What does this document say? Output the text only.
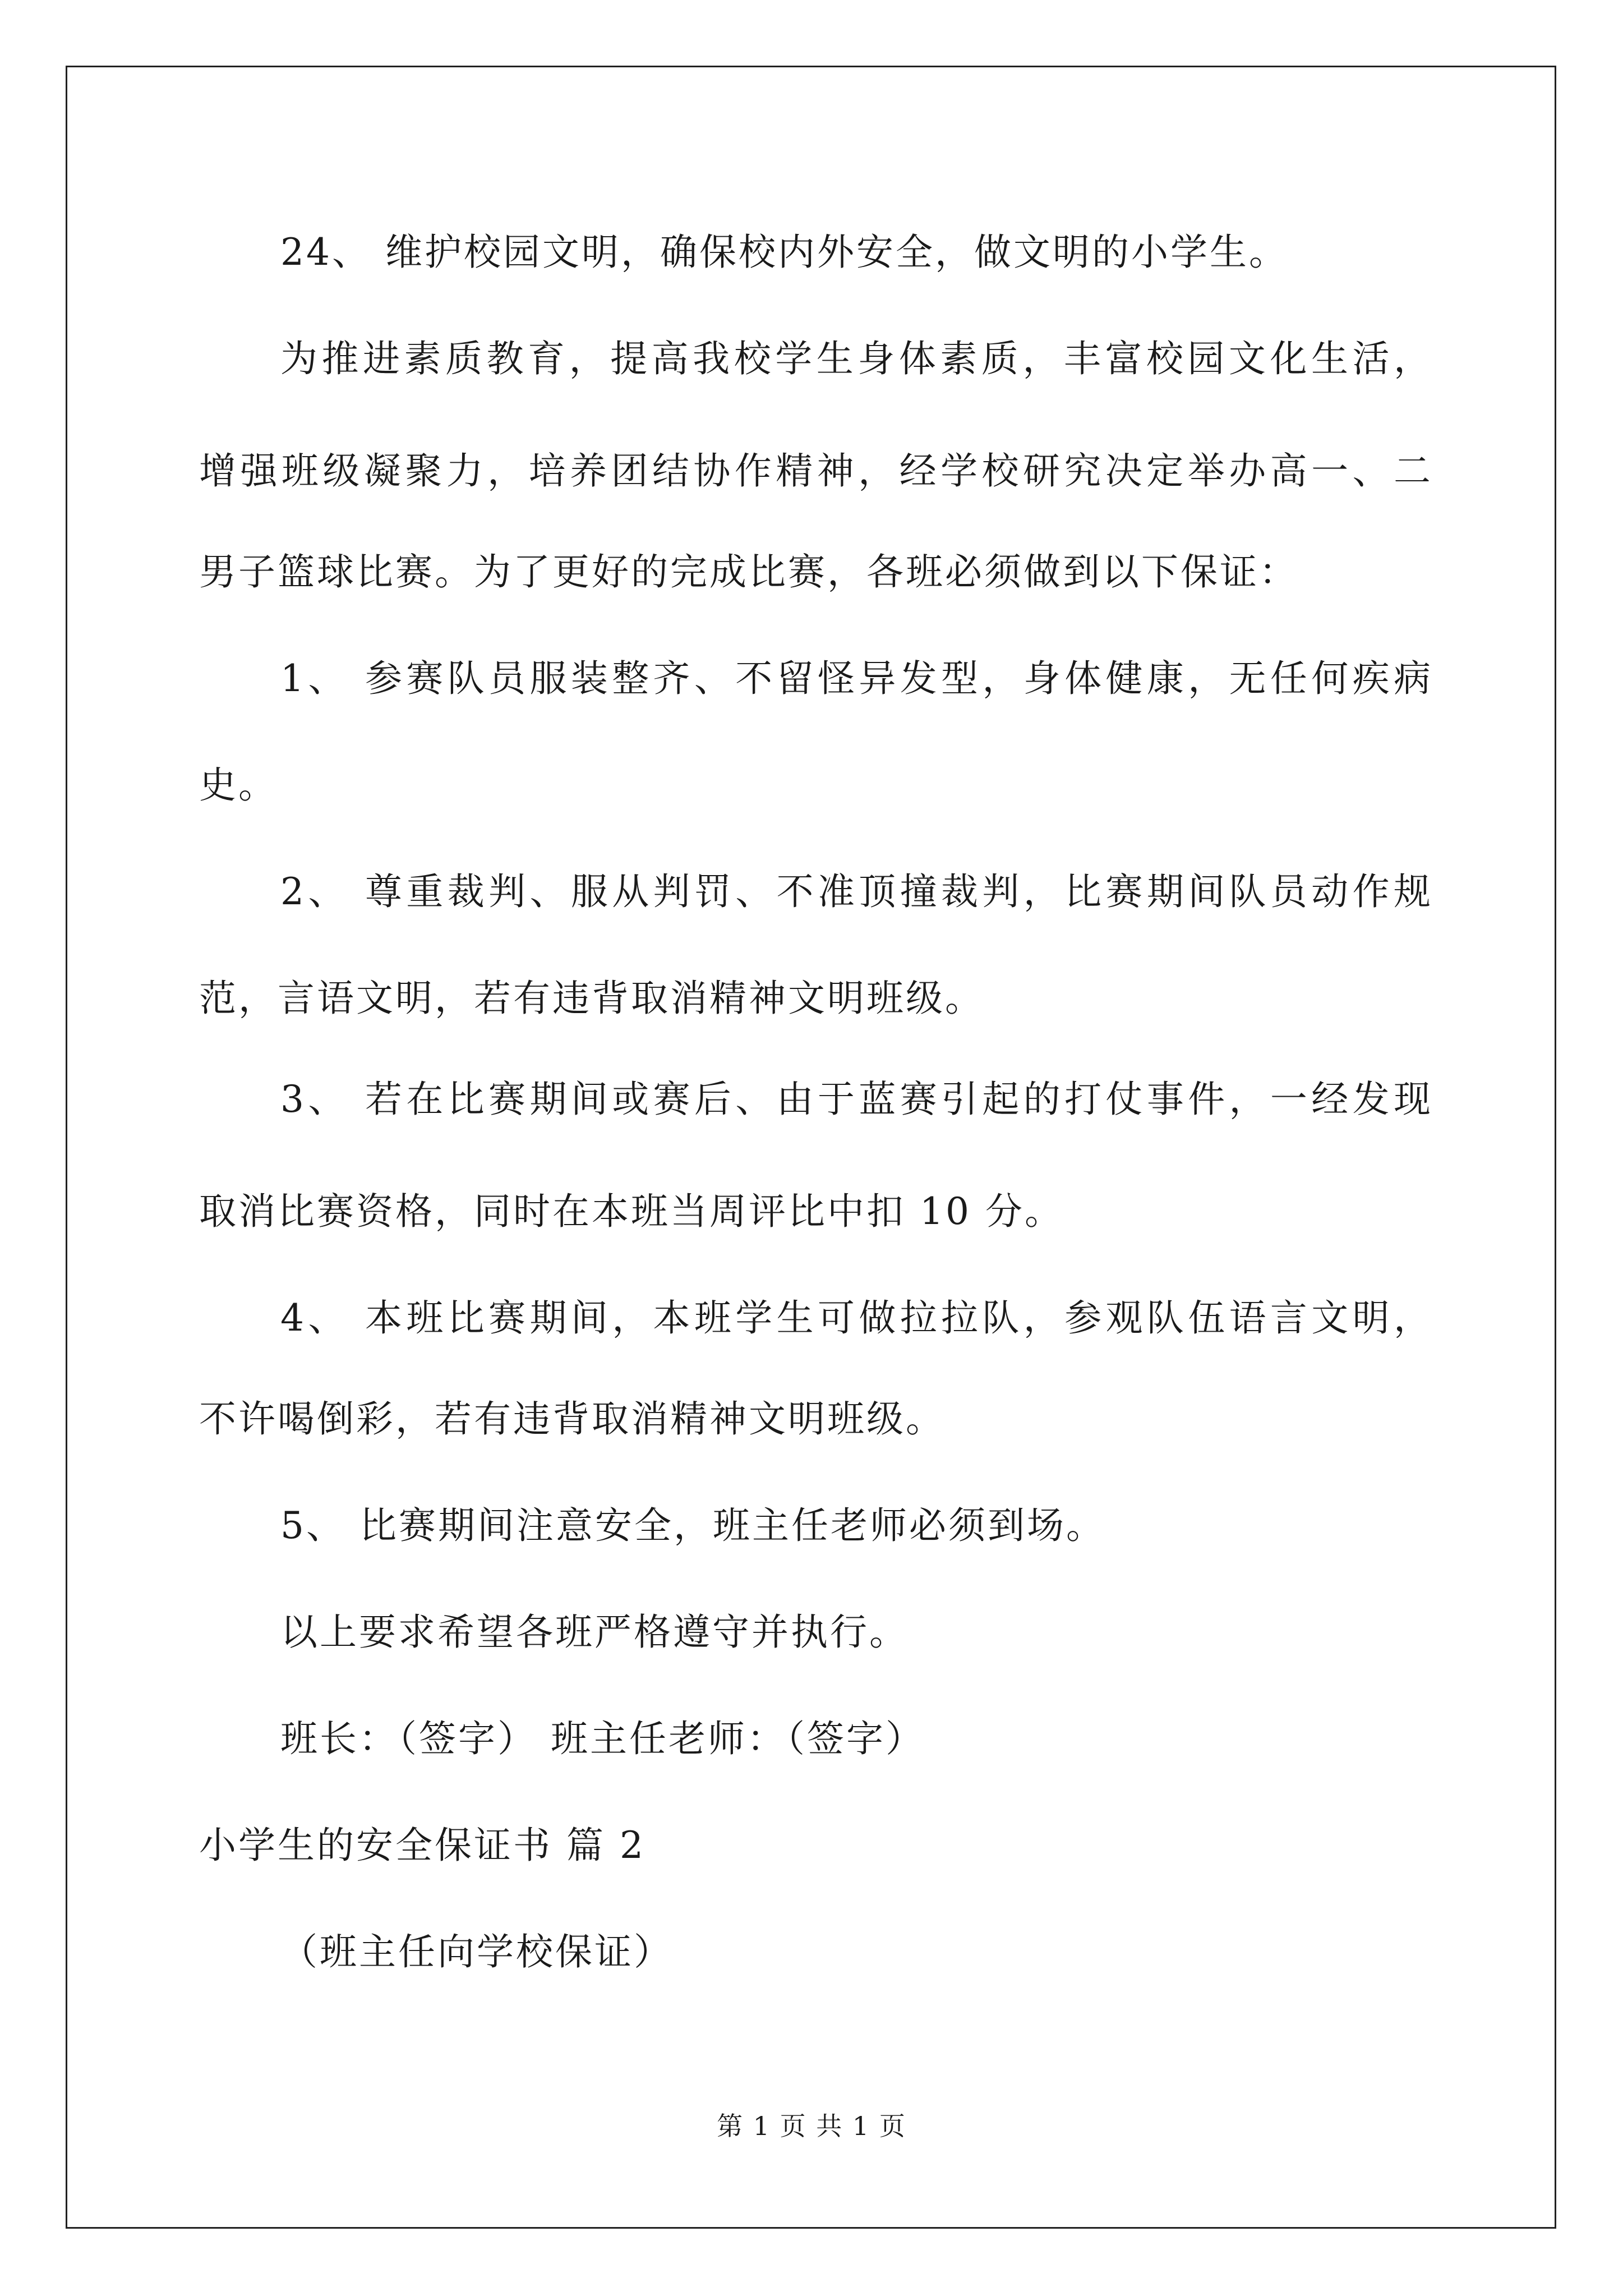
24、 维护校园文明，确保校内外安全，做文明的小学生。
为推进素质教育，提高我校学生身体素质，丰富校园文化生活，
增强班级凝聚力，培养团结协作精神，经学校研究决定举办高一、二
男子篮球比赛。为了更好的完成比赛，各班必须做到以下保证：
1、 参赛队员服装整齐、不留怪异发型，身体健康，无任何疾病
史。
2、 尊重裁判、服从判罚、不准顶撞裁判，比赛期间队员动作规
范，言语文明，若有违背取消精神文明班级。
3、 若在比赛期间或赛后、由于蓝赛引起的打仗事件，一经发现
取消比赛资格，同时在本班当周评比中扣 10 分。
4、 本班比赛期间，本班学生可做拉拉队，参观队伍语言文明，
不许喝倒彩，若有违背取消精神文明班级。
5、 比赛期间注意安全，班主任老师必须到场。
以上要求希望各班严格遵守并执行。
班长：（签字） 班主任老师：（签字）
小学生的安全保证书 篇 2
（班主任向学校保证）
第 1 页 共 1 页
